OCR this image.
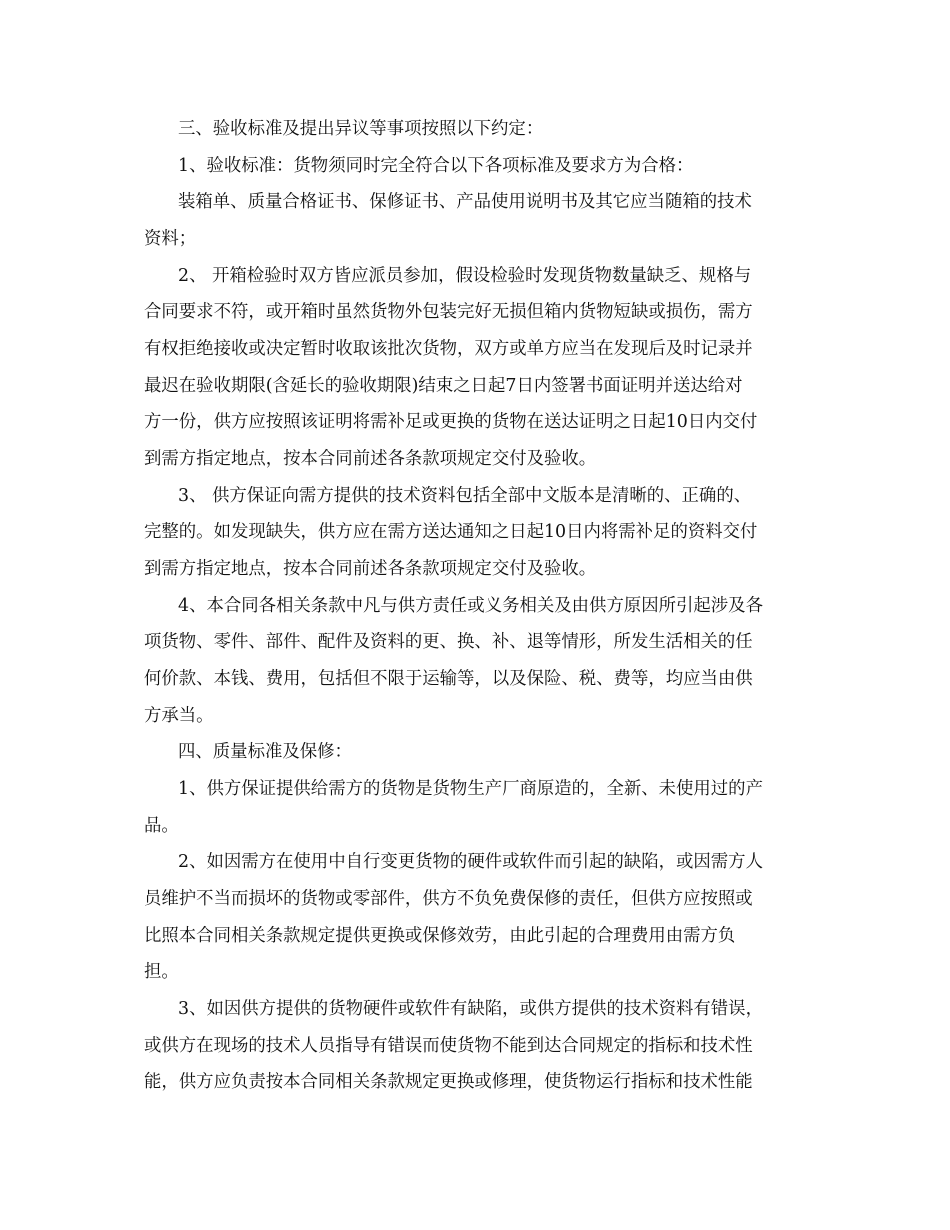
三、验收标准及提出异议等事项按照以下约定：
1、验收标准：货物须同时完全符合以下各项标准及要求方为合格：
装箱单、质量合格证书、保修证书、产品使用说明书及其它应当随箱的技术
资料；
2、 开箱检验时双方皆应派员参加，假设检验时发现货物数量缺乏、规格与
合同要求不符，或开箱时虽然货物外包装完好无损但箱内货物短缺或损伤，需方
有权拒绝接收或决定暂时收取该批次货物，双方或单方应当在发现后及时记录并
最迟在验收期限(含延长的验收期限)结束之日起7日内签署书面证明并送达给对
方一份，供方应按照该证明将需补足或更换的货物在送达证明之日起10日内交付
到需方指定地点，按本合同前述各条款项规定交付及验收。
3、 供方保证向需方提供的技术资料包括全部中文版本是清晰的、正确的、
完整的。如发现缺失，供方应在需方送达通知之日起10日内将需补足的资料交付
到需方指定地点，按本合同前述各条款项规定交付及验收。
4、本合同各相关条款中凡与供方责任或义务相关及由供方原因所引起涉及各
项货物、零件、部件、配件及资料的更、换、补、退等情形，所发生活相关的任
何价款、本钱、费用，包括但不限于运输等，以及保险、税、费等，均应当由供
方承当。
四、质量标准及保修：
1、供方保证提供给需方的货物是货物生产厂商原造的，全新、未使用过的产
品。
2、如因需方在使用中自行变更货物的硬件或软件而引起的缺陷，或因需方人
员维护不当而损坏的货物或零部件，供方不负免费保修的责任，但供方应按照或
比照本合同相关条款规定提供更换或保修效劳，由此引起的合理费用由需方负
担。
3、如因供方提供的货物硬件或软件有缺陷，或供方提供的技术资料有错误，
或供方在现场的技术人员指导有错误而使货物不能到达合同规定的指标和技术性
能，供方应负责按本合同相关条款规定更换或修理，使货物运行指标和技术性能
